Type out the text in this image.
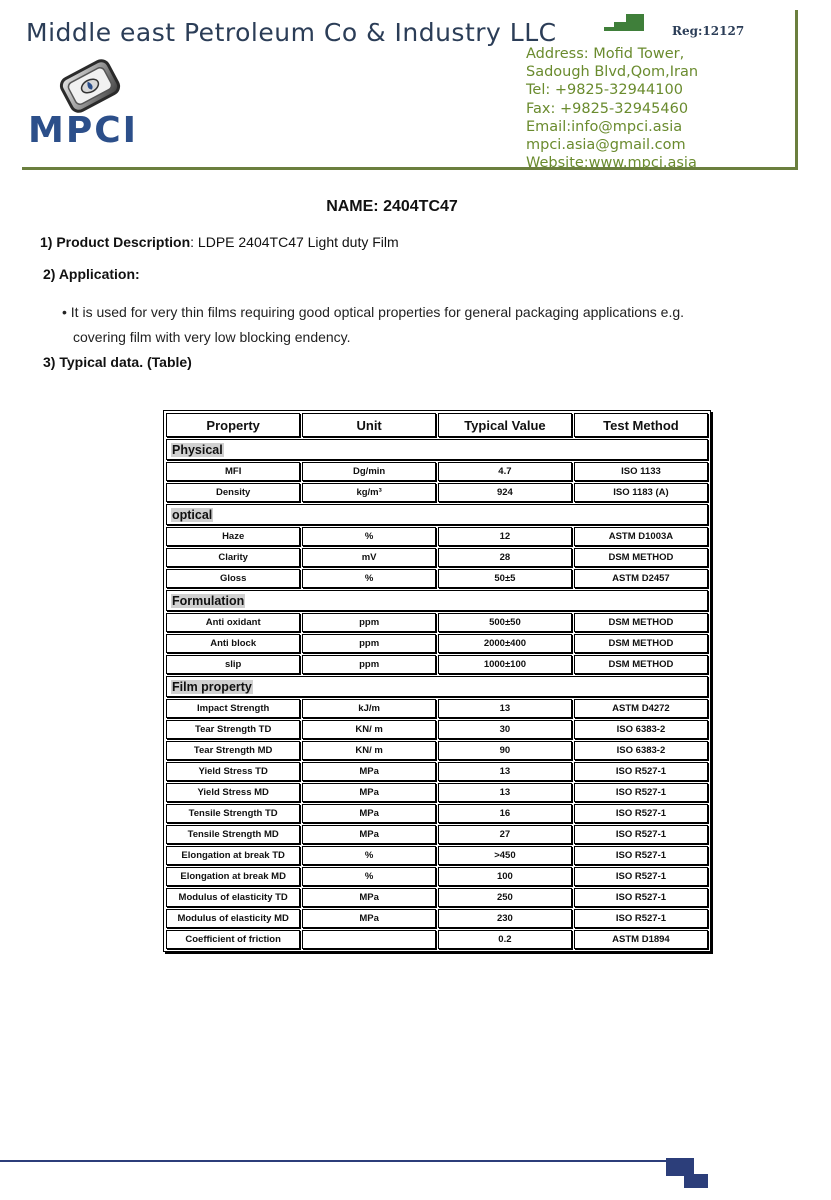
Middle east Petroleum Co & Industry LLC	Reg:12127
MPCI
Address: Mofid Tower,
Sadough Blvd,Qom,Iran
Tel: +9825-32944100
Fax: +9825-32945460
Email:info@mpci.asia
mpci.asia@gmail.com
Website:www.mpci.asia
NAME: 2404TC47
1) Product Description: LDPE 2404TC47 Light duty Film
2) Application:
• It is used for very thin films requiring good optical properties for general packaging applications e.g.
covering film with very low blocking endency.
3) Typical data. (Table)
Property	Unit	Typical Value	Test Method
Physical			
MFI	Dg/min	4.7	ISO 1133
Density	kg/m³	924	ISO 1183 (A)
optical			
Haze	%	12	ASTM D1003A
Clarity	mV	28	DSM METHOD
Gloss	%	50±5	ASTM D2457
Formulation			
Anti oxidant	ppm	500±50	DSM METHOD
Anti block	ppm	2000±400	DSM METHOD
slip	ppm	1000±100	DSM METHOD
Film property			
Impact Strength	kJ/m	13	ASTM D4272
Tear Strength TD	KN/ m	30	ISO 6383-2
Tear Strength MD	KN/ m	90	ISO 6383-2
Yield Stress TD	MPa	13	ISO R527-1
Yield Stress MD	MPa	13	ISO R527-1
Tensile Strength TD	MPa	16	ISO R527-1
Tensile Strength MD	MPa	27	ISO R527-1
Elongation at break TD	%	>450	ISO R527-1
Elongation at break MD	%	100	ISO R527-1
Modulus of elasticity TD	MPa	250	ISO R527-1
Modulus of elasticity MD	MPa	230	ISO R527-1
Coefficient of friction		0.2	ASTM D1894
